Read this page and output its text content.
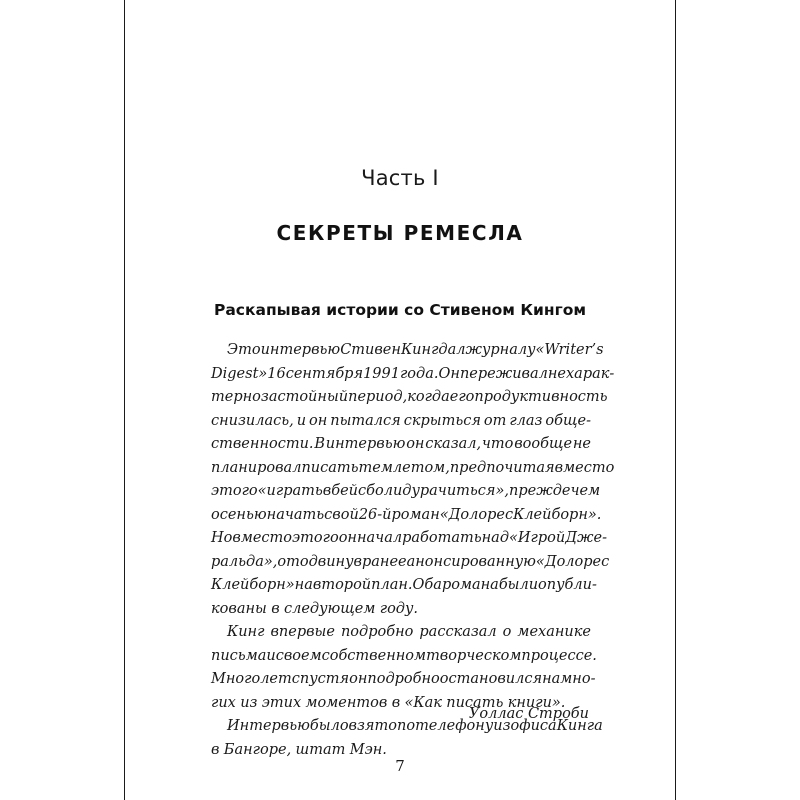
Часть I
СЕКРЕТЫ РЕМЕСЛА
Раскапывая истории со Стивеном Кингом
Это интервью Стивен Кинг дал журналу «Writer’s
Digest» 16 сентября 1991 года. Он переживал нехарак-
терно застойный период, когда его продуктивность
снизилась, и он пытался скрыться от глаз обще-
ственности. В интервью он сказал, что вообще не
планировал писать тем летом, предпочитая вместо
этого «играть в бейсбол и дурачиться», прежде чем
осенью начать свой 26-й роман «Долорес Клейборн».
Но вместо этого он начал работать над «Игрой Дже-
ральда», отодвинув ранее анонсированную «Долорес
Клейборн» на второй план. Оба романа были опубли-
кованы в следующем году.
Кинг впервые подробно рассказал о механике
письма и своем собственном творческом процессе.
Много лет спустя он подробно остановился на мно-
гих из этих моментов в «Как писать книги».
Интервью было взято по телефону из офиса Кинга
в Бангоре, штат Мэн.
Уоллас Строби
7
